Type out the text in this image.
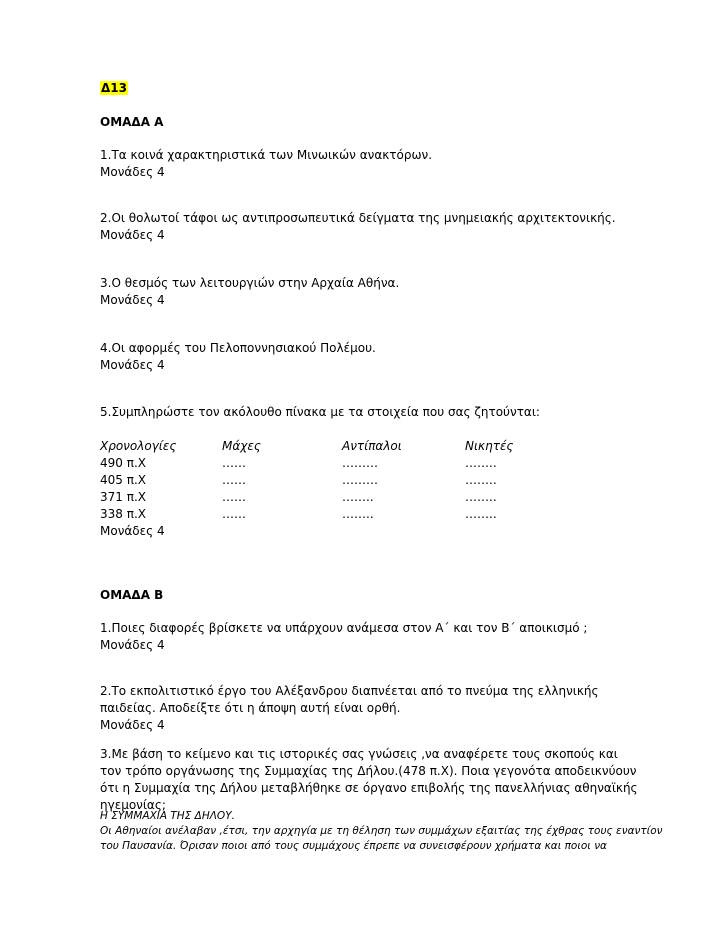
Δ13
ΟΜΑΔΑ Α
1.Τα κοινά χαρακτηριστικά των Μινωικών ανακτόρων.
Μονάδες 4
2.Οι θολωτοί τάφοι ως αντιπροσωπευτικά δείγματα της μνημειακής αρχιτεκτονικής.
Μονάδες 4
3.Ο θεσμός των λειτουργιών στην Αρχαία Αθήνα.
Μονάδες 4
4.Οι αφορμές του Πελοποννησιακού Πολέμου.
Μονάδες 4
5.Συμπληρώστε τον ακόλουθο πίνακα με τα στοιχεία που σας ζητούνται:
Χρονολογίες	Μάχες	Αντίπαλοι	Νικητές
490 π.Χ	……	………	……..
405 π.Χ	……	………	……..
371 π.Χ	……	……..	……..
338 π.Χ	……	……..	……..
Μονάδες 4
ΟΜΑΔΑ Β
1.Ποιες διαφορές βρίσκετε να υπάρχουν ανάμεσα στον Α΄ και τον Β΄ αποικισμό ;
Μονάδες 4
2.Το εκπολιτιστικό έργο του Αλέξανδρου διαπνέεται από το πνεύμα της ελληνικής
παιδείας. Αποδείξτε ότι η άποψη αυτή είναι ορθή.
Μονάδες 4
3.Με βάση το κείμενο και τις ιστορικές σας γνώσεις ,να αναφέρετε τους σκοπούς και
τον τρόπο οργάνωσης της Συμμαχίας της Δήλου.(478 π.Χ). Ποια γεγονότα αποδεικνύουν
ότι η Συμμαχία της Δήλου μεταβλήθηκε σε όργανο επιβολής της πανελλήνιας αθηναϊκής
ηγεμονίας;
Η ΣΥΜΜΑΧΙΑ ΤΗΣ ΔΗΛΟΥ.
Οι Αθηναίοι ανέλαβαν ,έτσι, την αρχηγία με τη θέληση των συμμάχων εξαιτίας της έχθρας τους εναντίον
του Παυσανία. Όρισαν ποιοι από τους συμμάχους έπρεπε να συνεισφέρουν χρήματα και ποιοι να
